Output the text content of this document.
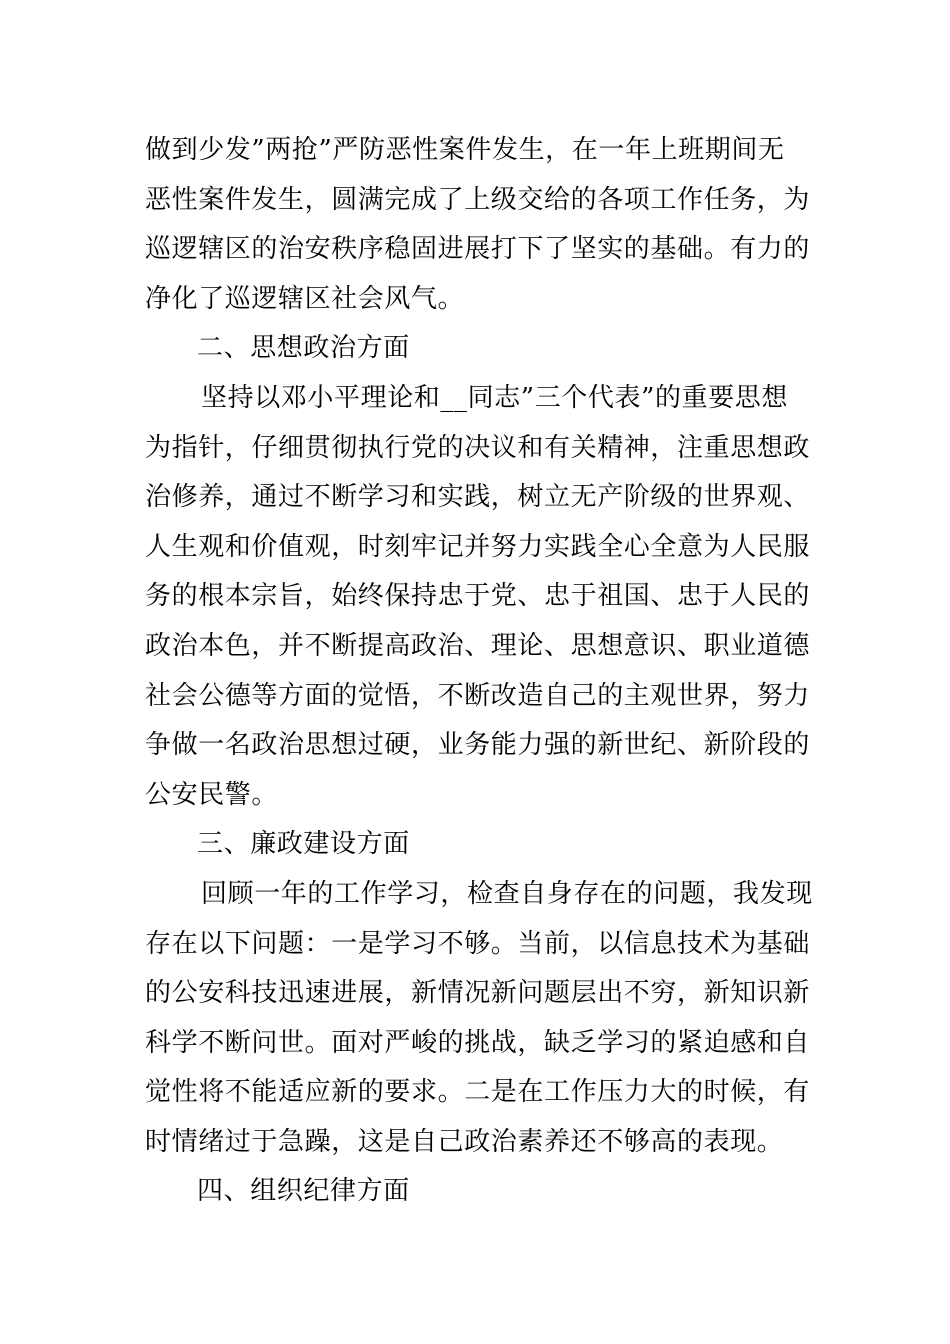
做到少发”两抢”严防恶性案件发生，在一年上班期间无
恶性案件发生，圆满完成了上级交给的各项工作任务，为
巡逻辖区的治安秩序稳固进展打下了坚实的基础。有力的
净化了巡逻辖区社会风气。
二、思想政治方面
坚持以邓小平理论和__同志”三个代表”的重要思想
为指针，仔细贯彻执行党的决议和有关精神，注重思想政
治修养，通过不断学习和实践，树立无产阶级的世界观、
人生观和价值观，时刻牢记并努力实践全心全意为人民服
务的根本宗旨，始终保持忠于党、忠于祖国、忠于人民的
政治本色，并不断提高政治、理论、思想意识、职业道德
社会公德等方面的觉悟，不断改造自己的主观世界，努力
争做一名政治思想过硬，业务能力强的新世纪、新阶段的
公安民警。
三、廉政建设方面
回顾一年的工作学习，检查自身存在的问题，我发现
存在以下问题：一是学习不够。当前，以信息技术为基础
的公安科技迅速进展，新情况新问题层出不穷，新知识新
科学不断问世。面对严峻的挑战，缺乏学习的紧迫感和自
觉性将不能适应新的要求。二是在工作压力大的时候，有
时情绪过于急躁，这是自己政治素养还不够高的表现。
四、组织纪律方面
